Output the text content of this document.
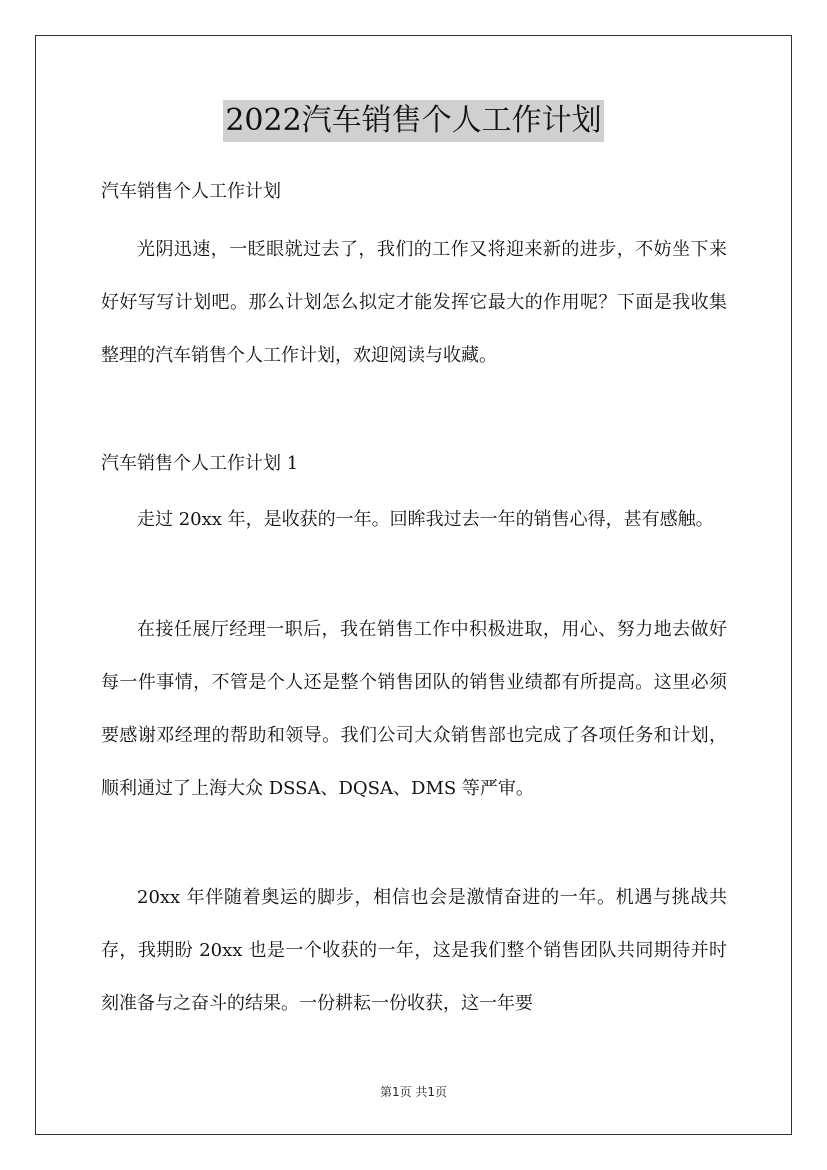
2022汽车销售个人工作计划
汽车销售个人工作计划

光阴迅速，一眨眼就过去了，我们的工作又将迎来新的进步，不妨坐下来好好写写计划吧。那么计划怎么拟定才能发挥它最大的作用呢？下面是我收集整理的汽车销售个人工作计划，欢迎阅读与收藏。

汽车销售个人工作计划 1

走过 20xx 年，是收获的一年。回眸我过去一年的销售心得，甚有感触。

在接任展厅经理一职后，我在销售工作中积极进取，用心、努力地去做好每一件事情，不管是个人还是整个销售团队的销售业绩都有所提高。这里必须要感谢邓经理的帮助和领导。我们公司大众销售部也完成了各项任务和计划，顺利通过了上海大众 DSSA、DQSA、DMS 等严审。

20xx 年伴随着奥运的脚步，相信也会是激情奋进的一年。机遇与挑战共存，我期盼 20xx 也是一个收获的一年，这是我们整个销售团队共同期待并时刻准备与之奋斗的结果。一份耕耘一份收获，这一年要

第1页 共1页
